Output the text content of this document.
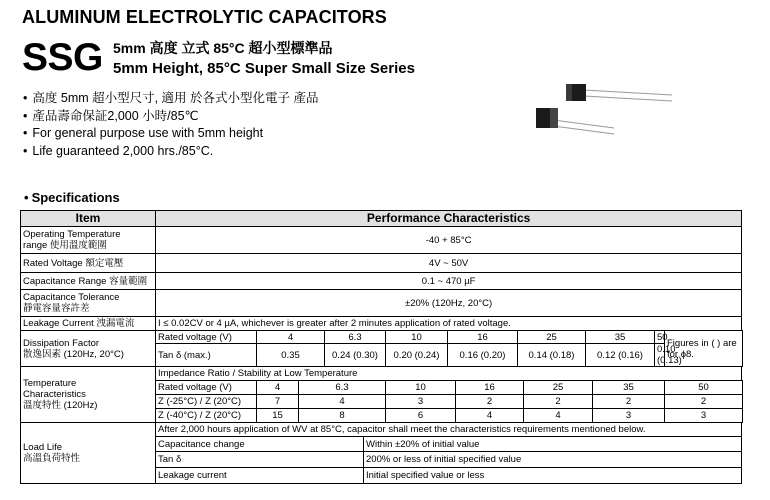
ALUMINUM ELECTROLYTIC CAPACITORS
SSG 5mm 高度 立式 85°C 超小型標準品
5mm Height, 85°C Super Small Size Series
• 高度 5mm 超小型尺寸, 適用 於各式小型化電子 產品
• 產品壽命保証2,000 小時/85℃
• For general purpose use with 5mm height
• Life guaranteed 2,000 hrs./85°C.
• Specifications
Item	Performance Characteristics													
Operating Temperature
range 使用溫度範圍	-40 + 85°C													
Rated Voltage 額定電壓	4V ~ 50V													
Capacitance Range 容量範圍	0.1 ~ 470 µF													
Capacitance Tolerance
靜電容量容許差	±20% (120Hz, 20°C)													
Leakage Current 洩漏電流	I ≤ 0.02CV or 4 µA, whichever is greater after 2 minutes application of rated voltage.													
Dissipation Factor
散逸因素 (120Hz, 20°C)	Rated voltage (V)	4		6.3		10	16		25		35		50	Figures in ( ) are for ɸ8.
	Tan δ (max.)	0.35		0.24 (0.30)		0.20 (0.24)	0.16 (0.20)		0.14 (0.18)		0.12 (0.16)		0.10 (0.13)	
Temperature
Characteristics
溫度特性 (120Hz)	Impedance Ratio / Stability at Low Temperature													
	Rated voltage (V)	4	6.3			10		16		25		35		50
	Z (-25°C) / Z (20°C)	7	4			3		2		2		2		2
	Z (-40°C) / Z (20°C)	15	8			6		4		4		3		3
Load Life
高溫負荷特性	After 2,000 hours application of WV at 85°C, capacitor shall meet the characteristics requirements mentioned below.													
	Capacitance change				Within ±20% of initial value									
	Tan δ				200% or less of initial specified value									
	Leakage current				Initial specified value or less									
